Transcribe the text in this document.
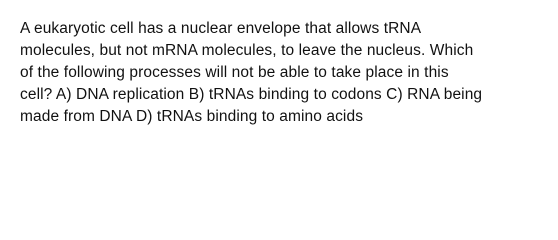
A eukaryotic cell has a nuclear envelope that allows tRNA
molecules, but not mRNA molecules, to leave the nucleus. Which
of the following processes will not be able to take place in this
cell? A) DNA replication B) tRNAs binding to codons C) RNA being
made from DNA D) tRNAs binding to amino acids
